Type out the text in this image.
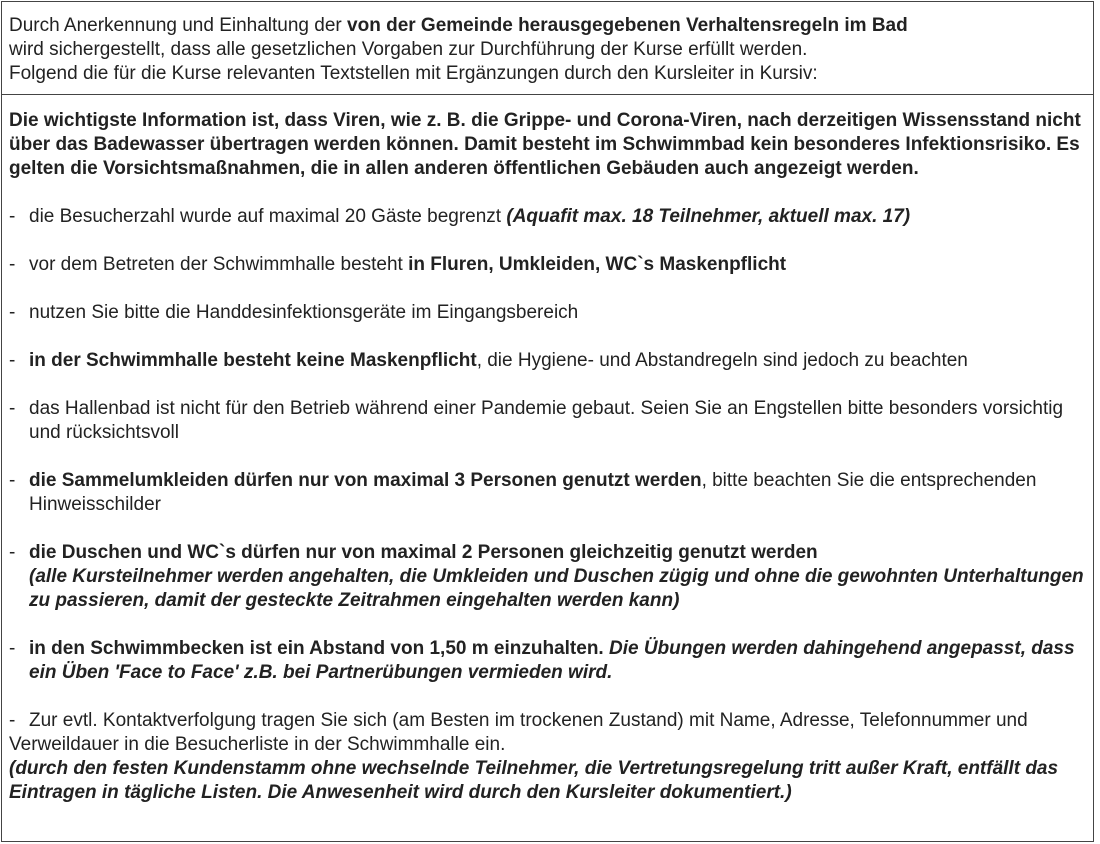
Durch Anerkennung und Einhaltung der von der Gemeinde herausgegebenen Verhaltensregeln im Bad
wird sichergestellt, dass alle gesetzlichen Vorgaben zur Durchführung der Kurse erfüllt werden.
Folgend die für die Kurse relevanten Textstellen mit Ergänzungen durch den Kursleiter in Kursiv:
Die wichtigste Information ist, dass Viren, wie z. B. die Grippe- und Corona-Viren, nach derzeitigen Wissensstand nicht über das Badewasser übertragen werden können. Damit besteht im Schwimmbad kein besonderes Infektionsrisiko. Es gelten die Vorsichtsmaßnahmen, die in allen anderen öffentlichen Gebäuden auch angezeigt werden.
- die Besucherzahl wurde auf maximal 20 Gäste begrenzt (Aquafit max. 18 Teilnehmer, aktuell max. 17)
- vor dem Betreten der Schwimmhalle besteht in Fluren, Umkleiden, WC`s Maskenpflicht
- nutzen Sie bitte die Handdesinfektionsgeräte im Eingangsbereich
- in der Schwimmhalle besteht keine Maskenpflicht, die Hygiene- und Abstandregeln sind jedoch zu beachten
- das Hallenbad ist nicht für den Betrieb während einer Pandemie gebaut. Seien Sie an Engstellen bitte besonders vorsichtig und rücksichtsvoll
- die Sammelumkleiden dürfen nur von maximal 3 Personen genutzt werden, bitte beachten Sie die entsprechenden Hinweisschilder
- die Duschen und WC`s dürfen nur von maximal 2 Personen gleichzeitig genutzt werden
(alle Kursteilnehmer werden angehalten, die Umkleiden und Duschen zügig und ohne die gewohnten Unterhaltungen zu passieren, damit der gesteckte Zeitrahmen eingehalten werden kann)
- in den Schwimmbecken ist ein Abstand von 1,50 m einzuhalten. Die Übungen werden dahingehend angepasst, dass ein Üben 'Face to Face' z.B. bei Partnerübungen vermieden wird.
- Zur evtl. Kontaktverfolgung tragen Sie sich (am Besten im trockenen Zustand) mit Name, Adresse, Telefonnummer und Verweildauer in die Besucherliste in der Schwimmhalle ein.
(durch den festen Kundenstamm ohne wechselnde Teilnehmer, die Vertretungsregelung tritt außer Kraft, entfällt das Eintragen in tägliche Listen. Die Anwesenheit wird durch den Kursleiter dokumentiert.)
